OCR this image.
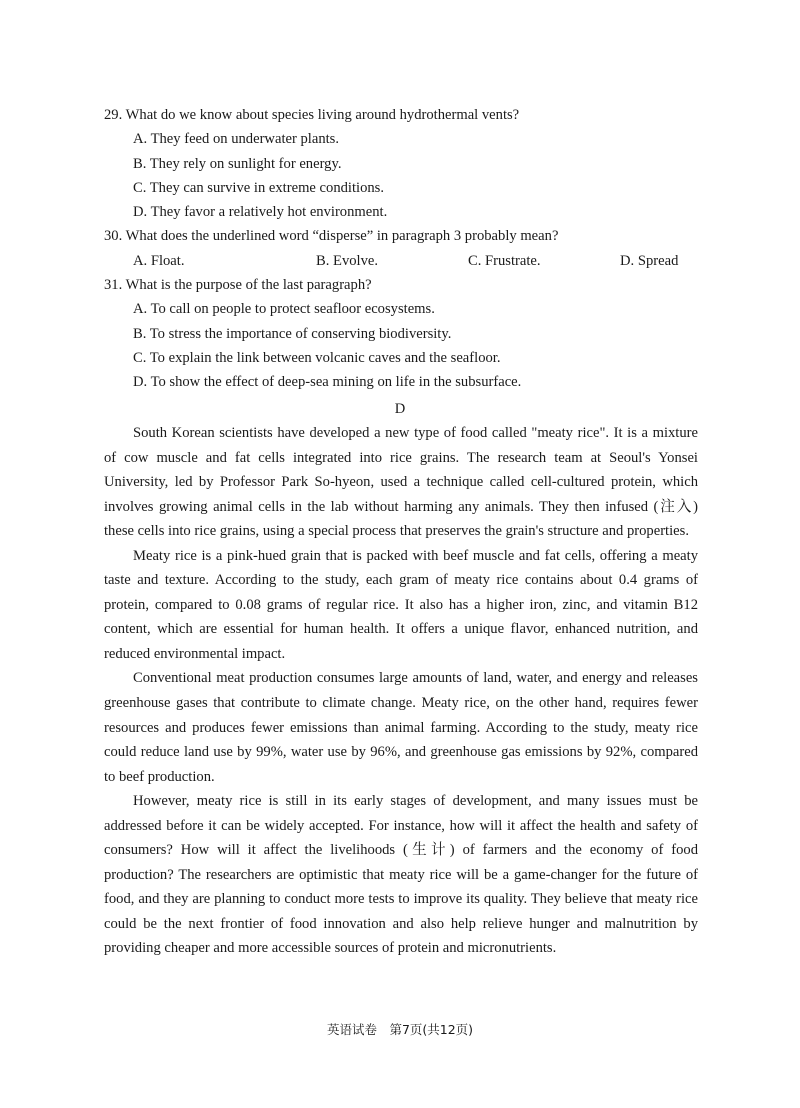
29. What do we know about species living around hydrothermal vents?
A. They feed on underwater plants.
B. They rely on sunlight for energy.
C. They can survive in extreme conditions.
D. They favor a relatively hot environment.
30. What does the underlined word “disperse” in paragraph 3 probably mean?
A. Float.	B. Evolve.	C. Frustrate.	D. Spread
31. What is the purpose of the last paragraph?
A. To call on people to protect seafloor ecosystems.
B. To stress the importance of conserving biodiversity.
C. To explain the link between volcanic caves and the seafloor.
D. To show the effect of deep-sea mining on life in the subsurface.
D

South Korean scientists have developed a new type of food called "meaty rice". It is a mixture of cow muscle and fat cells integrated into rice grains. The research team at Seoul's Yonsei University, led by Professor Park So-hyeon, used a technique called cell-cultured protein, which involves growing animal cells in the lab without harming any animals. They then infused (注入) these cells into rice grains, using a special process that preserves the grain's structure and properties.

Meaty rice is a pink-hued grain that is packed with beef muscle and fat cells, offering a meaty taste and texture. According to the study, each gram of meaty rice contains about 0.4 grams of protein, compared to 0.08 grams of regular rice. It also has a higher iron, zinc, and vitamin B12 content, which are essential for human health. It offers a unique flavor, enhanced nutrition, and reduced environmental impact.

Conventional meat production consumes large amounts of land, water, and energy and releases greenhouse gases that contribute to climate change. Meaty rice, on the other hand, requires fewer resources and produces fewer emissions than animal farming. According to the study, meaty rice could reduce land use by 99%, water use by 96%, and greenhouse gas emissions by 92%, compared to beef production.

However, meaty rice is still in its early stages of development, and many issues must be addressed before it can be widely accepted. For instance, how will it affect the health and safety of consumers? How will it affect the livelihoods (生计) of farmers and the economy of food production? The researchers are optimistic that meaty rice will be a game-changer for the future of food, and they are planning to conduct more tests to improve its quality. They believe that meaty rice could be the next frontier of food innovation and also help relieve hunger and malnutrition by providing cheaper and more accessible sources of protein and micronutrients.

英语试卷　第7页(共12页)
